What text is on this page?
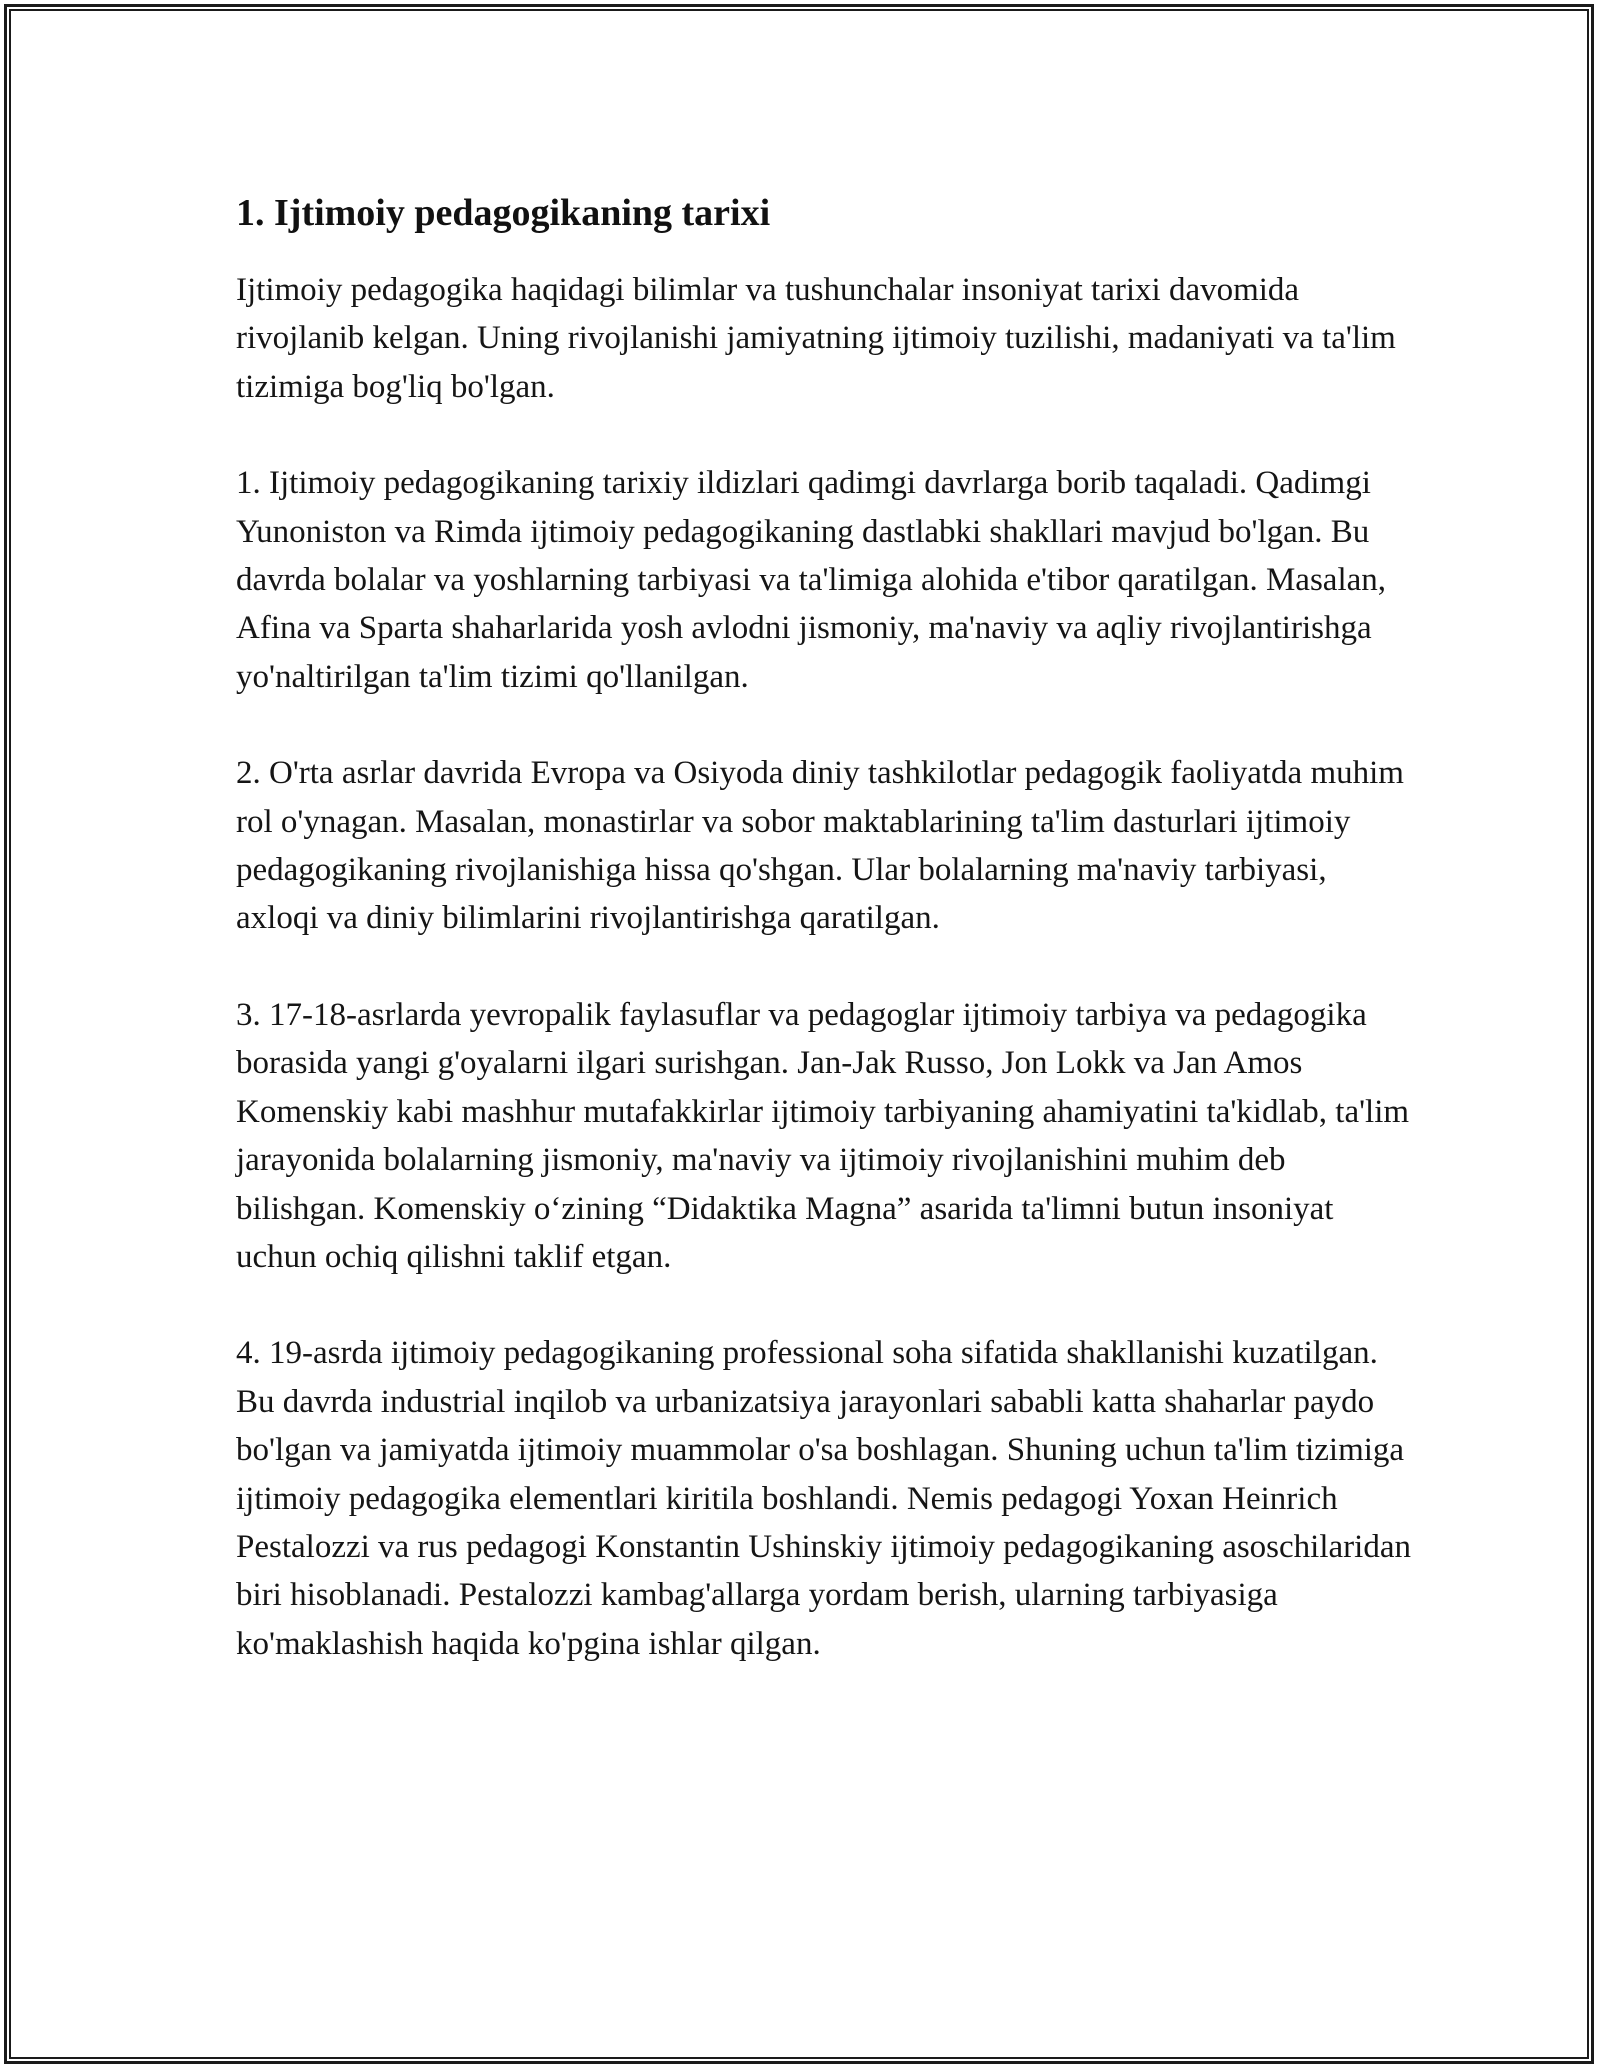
1. Ijtimoiy pedagogikaning tarixi

Ijtimoiy pedagogika haqidagi bilimlar va tushunchalar insoniyat tarixi davomida rivojlanib kelgan. Uning rivojlanishi jamiyatning ijtimoiy tuzilishi, madaniyati va ta'lim tizimiga bog'liq bo'lgan.

1. Ijtimoiy pedagogikaning tarixiy ildizlari qadimgi davrlarga borib taqaladi. Qadimgi Yunoniston va Rimda ijtimoiy pedagogikaning dastlabki shakllari mavjud bo'lgan. Bu davrda bolalar va yoshlarning tarbiyasi va ta'limiga alohida e'tibor qaratilgan. Masalan, Afina va Sparta shaharlarida yosh avlodni jismoniy, ma'naviy va aqliy rivojlantirishga yo'naltirilgan ta'lim tizimi qo'llanilgan.

2. O'rta asrlar davrida Evropa va Osiyoda diniy tashkilotlar pedagogik faoliyatda muhim rol o'ynagan. Masalan, monastirlar va sobor maktablarining ta'lim dasturlari ijtimoiy pedagogikaning rivojlanishiga hissa qo'shgan. Ular bolalarning ma'naviy tarbiyasi, axloqi va diniy bilimlarini rivojlantirishga qaratilgan.

3. 17-18-asrlarda yevropalik faylasuflar va pedagoglar ijtimoiy tarbiya va pedagogika borasida yangi g'oyalarni ilgari surishgan. Jan-Jak Russo, Jon Lokk va Jan Amos Komenskiy kabi mashhur mutafakkirlar ijtimoiy tarbiyaning ahamiyatini ta'kidlab, ta'lim jarayonida bolalarning jismoniy, ma'naviy va ijtimoiy rivojlanishini muhim deb bilishgan. Komenskiy o‘zining “Didaktika Magna” asarida ta'limni butun insoniyat uchun ochiq qilishni taklif etgan.

4. 19-asrda ijtimoiy pedagogikaning professional soha sifatida shakllanishi kuzatilgan. Bu davrda industrial inqilob va urbanizatsiya jarayonlari sababli katta shaharlar paydo bo'lgan va jamiyatda ijtimoiy muammolar o'sa boshlagan. Shuning uchun ta'lim tizimiga ijtimoiy pedagogika elementlari kiritila boshlandi. Nemis pedagogi Yoxan Heinrich Pestalozzi va rus pedagogi Konstantin Ushinskiy ijtimoiy pedagogikaning asoschilaridan biri hisoblanadi. Pestalozzi kambag'allarga yordam berish, ularning tarbiyasiga ko'maklashish haqida ko'pgina ishlar qilgan.
